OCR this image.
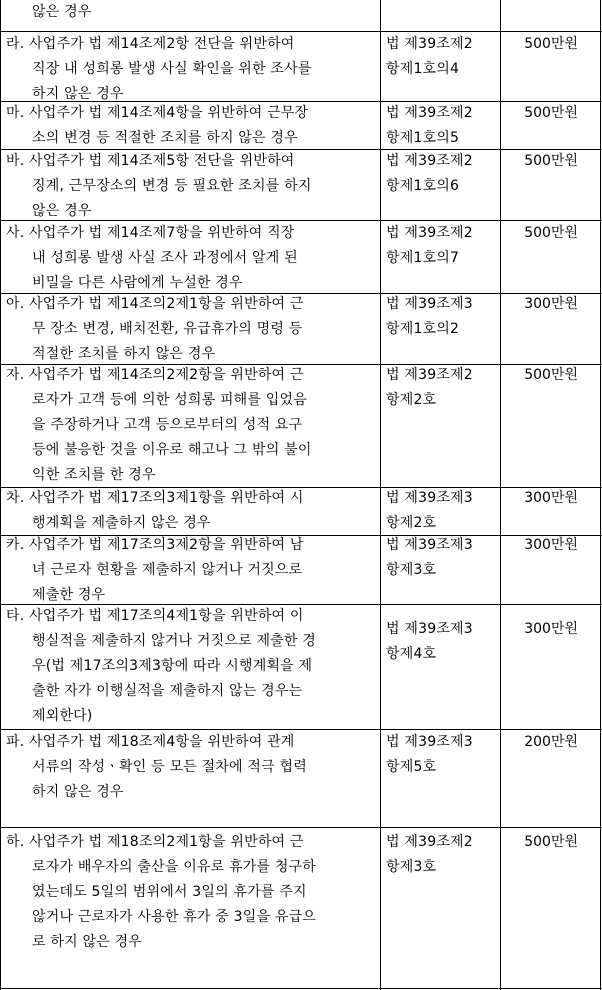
않은 경우
라. 사업주가 법 제14조제2항 전단을 위반하여
직장 내 성희롱 발생 사실 확인을 위한 조사를
하지 않은 경우
법 제39조제2
항제1호의4
500만원
마. 사업주가 법 제14조제4항을 위반하여 근무장
소의 변경 등 적절한 조치를 하지 않은 경우
법 제39조제2
항제1호의5
500만원
바. 사업주가 법 제14조제5항 전단을 위반하여
징계, 근무장소의 변경 등 필요한 조치를 하지
않은 경우
법 제39조제2
항제1호의6
500만원
사. 사업주가 법 제14조제7항을 위반하여 직장
내 성희롱 발생 사실 조사 과정에서 알게 된
비밀을 다른 사람에게 누설한 경우
법 제39조제2
항제1호의7
500만원
아. 사업주가 법 제14조의2제1항을 위반하여 근
무 장소 변경, 배치전환, 유급휴가의 명령 등
적절한 조치를 하지 않은 경우
법 제39조제3
항제1호의2
300만원
자. 사업주가 법 제14조의2제2항을 위반하여 근
로자가 고객 등에 의한 성희롱 피해를 입었음
을 주장하거나 고객 등으로부터의 성적 요구
등에 불응한 것을 이유로 해고나 그 밖의 불이
익한 조치를 한 경우
법 제39조제2
항제2호
500만원
차. 사업주가 법 제17조의3제1항을 위반하여 시
행계획을 제출하지 않은 경우
법 제39조제3
항제2호
300만원
카. 사업주가 법 제17조의3제2항을 위반하여 남
녀 근로자 현황을 제출하지 않거나 거짓으로
제출한 경우
법 제39조제3
항제3호
300만원
타. 사업주가 법 제17조의4제1항을 위반하여 이
행실적을 제출하지 않거나 거짓으로 제출한 경
우(법 제17조의3제3항에 따라 시행계획을 제
출한 자가 이행실적을 제출하지 않는 경우는
제외한다)
법 제39조제3
항제4호
300만원
파. 사업주가 법 제18조제4항을 위반하여 관계
서류의 작성ㆍ확인 등 모든 절차에 적극 협력
하지 않은 경우
법 제39조제3
항제5호
200만원
하. 사업주가 법 제18조의2제1항을 위반하여 근
로자가 배우자의 출산을 이유로 휴가를 청구하
였는데도 5일의 범위에서 3일의 휴가를 주지
않거나 근로자가 사용한 휴가 중 3일을 유급으
로 하지 않은 경우
법 제39조제2
항제3호
500만원
